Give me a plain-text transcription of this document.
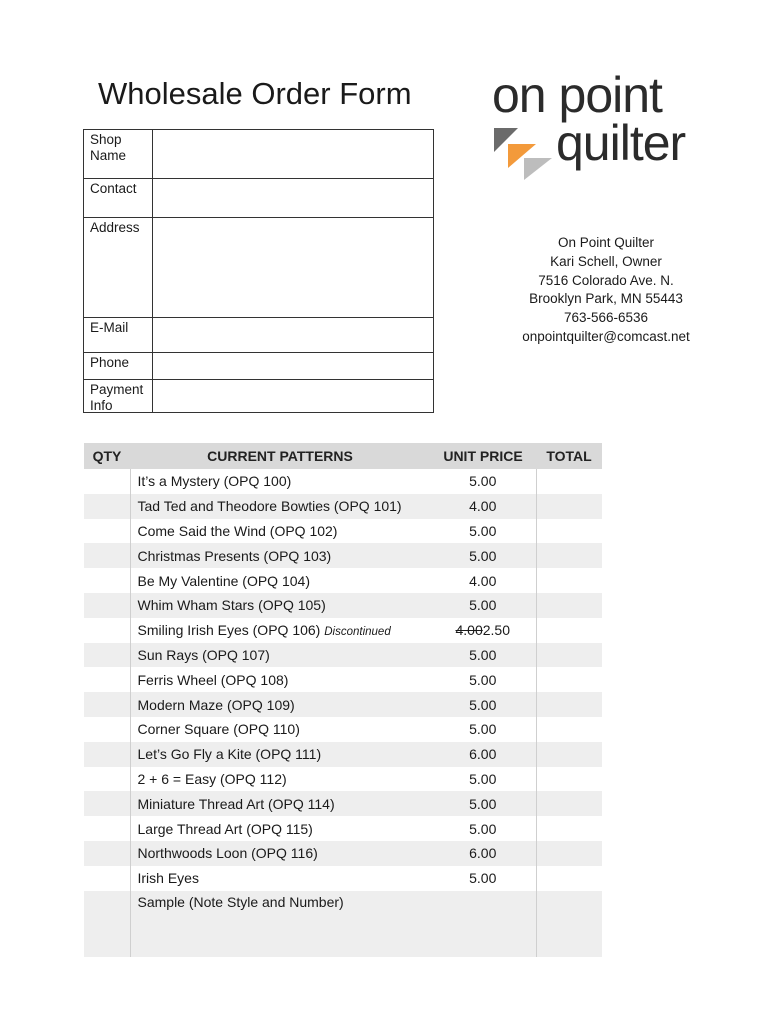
Wholesale Order Form
Shop
Name
Contact
Address
E-Mail
Phone
Payment
Info
on point
quilter
On Point Quilter
Kari Schell, Owner
7516 Colorado Ave. N.
Brooklyn Park, MN 55443
763-566-6536
onpointquilter@comcast.net
QTY	CURRENT PATTERNS	UNIT PRICE	TOTAL
	It’s a Mystery (OPQ 100)	5.00	
	Tad Ted and Theodore Bowties (OPQ 101)	4.00	
	Come Said the Wind (OPQ 102)	5.00	
	Christmas Presents (OPQ 103)	5.00	
	Be My Valentine (OPQ 104)	4.00	
	Whim Wham Stars (OPQ 105)	5.00	
	Smiling Irish Eyes (OPQ 106) Discontinued	4.002.50	
	Sun Rays (OPQ 107)	5.00	
	Ferris Wheel (OPQ 108)	5.00	
	Modern Maze (OPQ 109)	5.00	
	Corner Square (OPQ 110)	5.00	
	Let’s Go Fly a Kite (OPQ 111)	6.00	
	2 + 6 = Easy (OPQ 112)	5.00	
	Miniature Thread Art (OPQ 114)	5.00	
	Large Thread Art (OPQ 115)	5.00	
	Northwoods Loon (OPQ 116)	6.00	
	Irish Eyes	5.00	
	Sample (Note Style and Number)		
